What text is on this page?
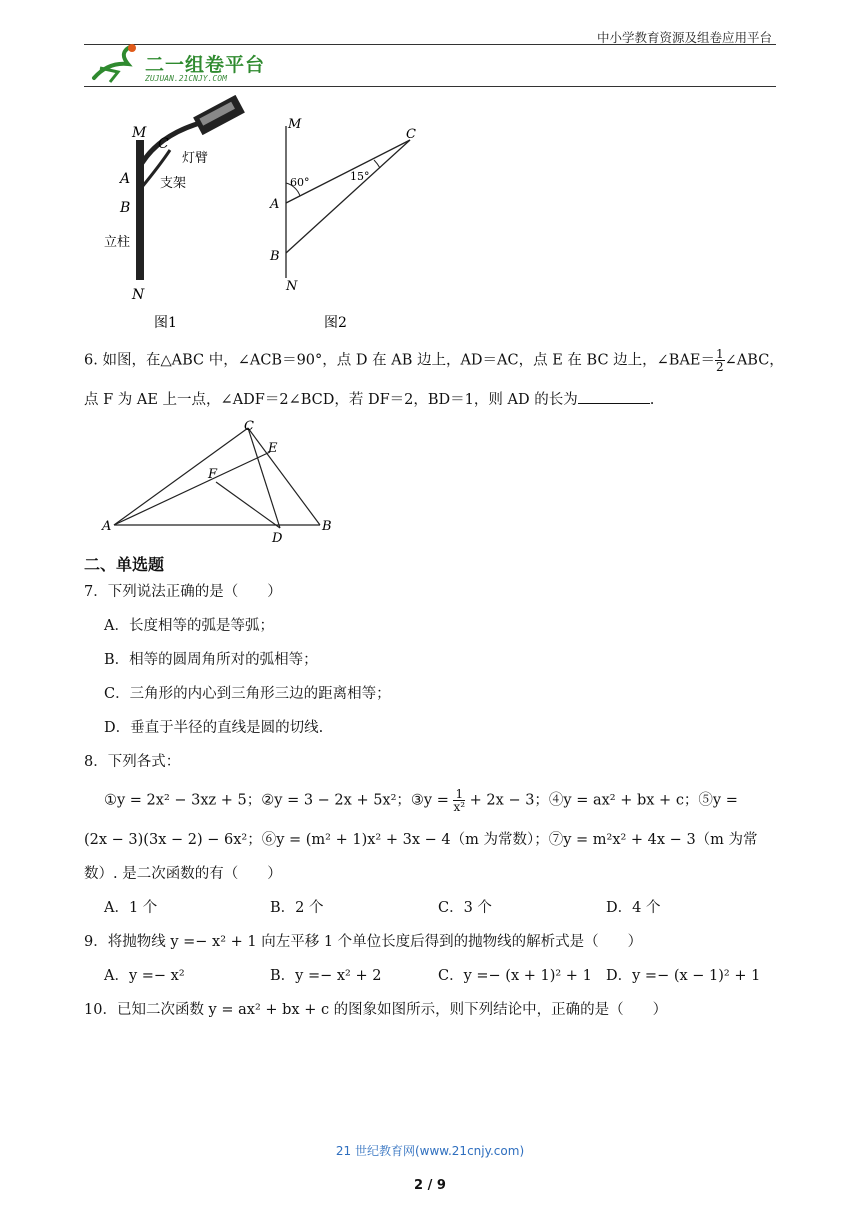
中小学教育资源及组卷应用平台
二一组卷平台
ZUJUAN.21CNJY.COM
M
C
灯臂
A 支架
B
立柱
N
图1
M
C
60°	15°
A
B
N
图2
6. 如图，在△ABC 中，∠ACB＝90°，点 D 在 AB 边上，AD＝AC，点 E 在 BC 边上，∠BAE＝ $\frac{1}{2}$ ∠ABC，
点 F 为 AE 上一点，∠ADF＝2∠BCD，若 DF＝2，BD＝1，则 AD 的长为	.
C
E
F
A
D
B
二、单选题
7．下列说法正确的是（　　）
A．长度相等的弧是等弧；
B．相等的圆周角所对的弧相等；
C．三角形的内心到三角形三边的距离相等；
D．垂直于半径的直线是圆的切线.
8．下列各式：
①y = 2x² − 3xz + 5；②y = 3 − 2x + 5x²；③y = $\frac{1}{\text{x²}} + 2x - 3$；④y = ax² + bx + c；⑤y =
(2x − 3)(3x − 2) − 6x²；⑥y = (m² + 1)x² + 3x − 4（m 为常数）；⑦y = m²x² + 4x − 3（m 为常
数）. 是二次函数的有（　　）
A．1 个	B．2 个	C．3 个	D．4 个
9．将抛物线 y =− x² + 1 向左平移 1 个单位长度后得到的抛物线的解析式是（　　）
A．y =− x²	B．y =− x² + 2	C．y =− (x + 1)² + 1 D．y =− (x − 1)² + 1
10．已知二次函数 y = ax² + bx + c 的图象如图所示，则下列结论中，正确的是（　　）
21 世纪教育网(www.21cnjy.com)
2 / 9
